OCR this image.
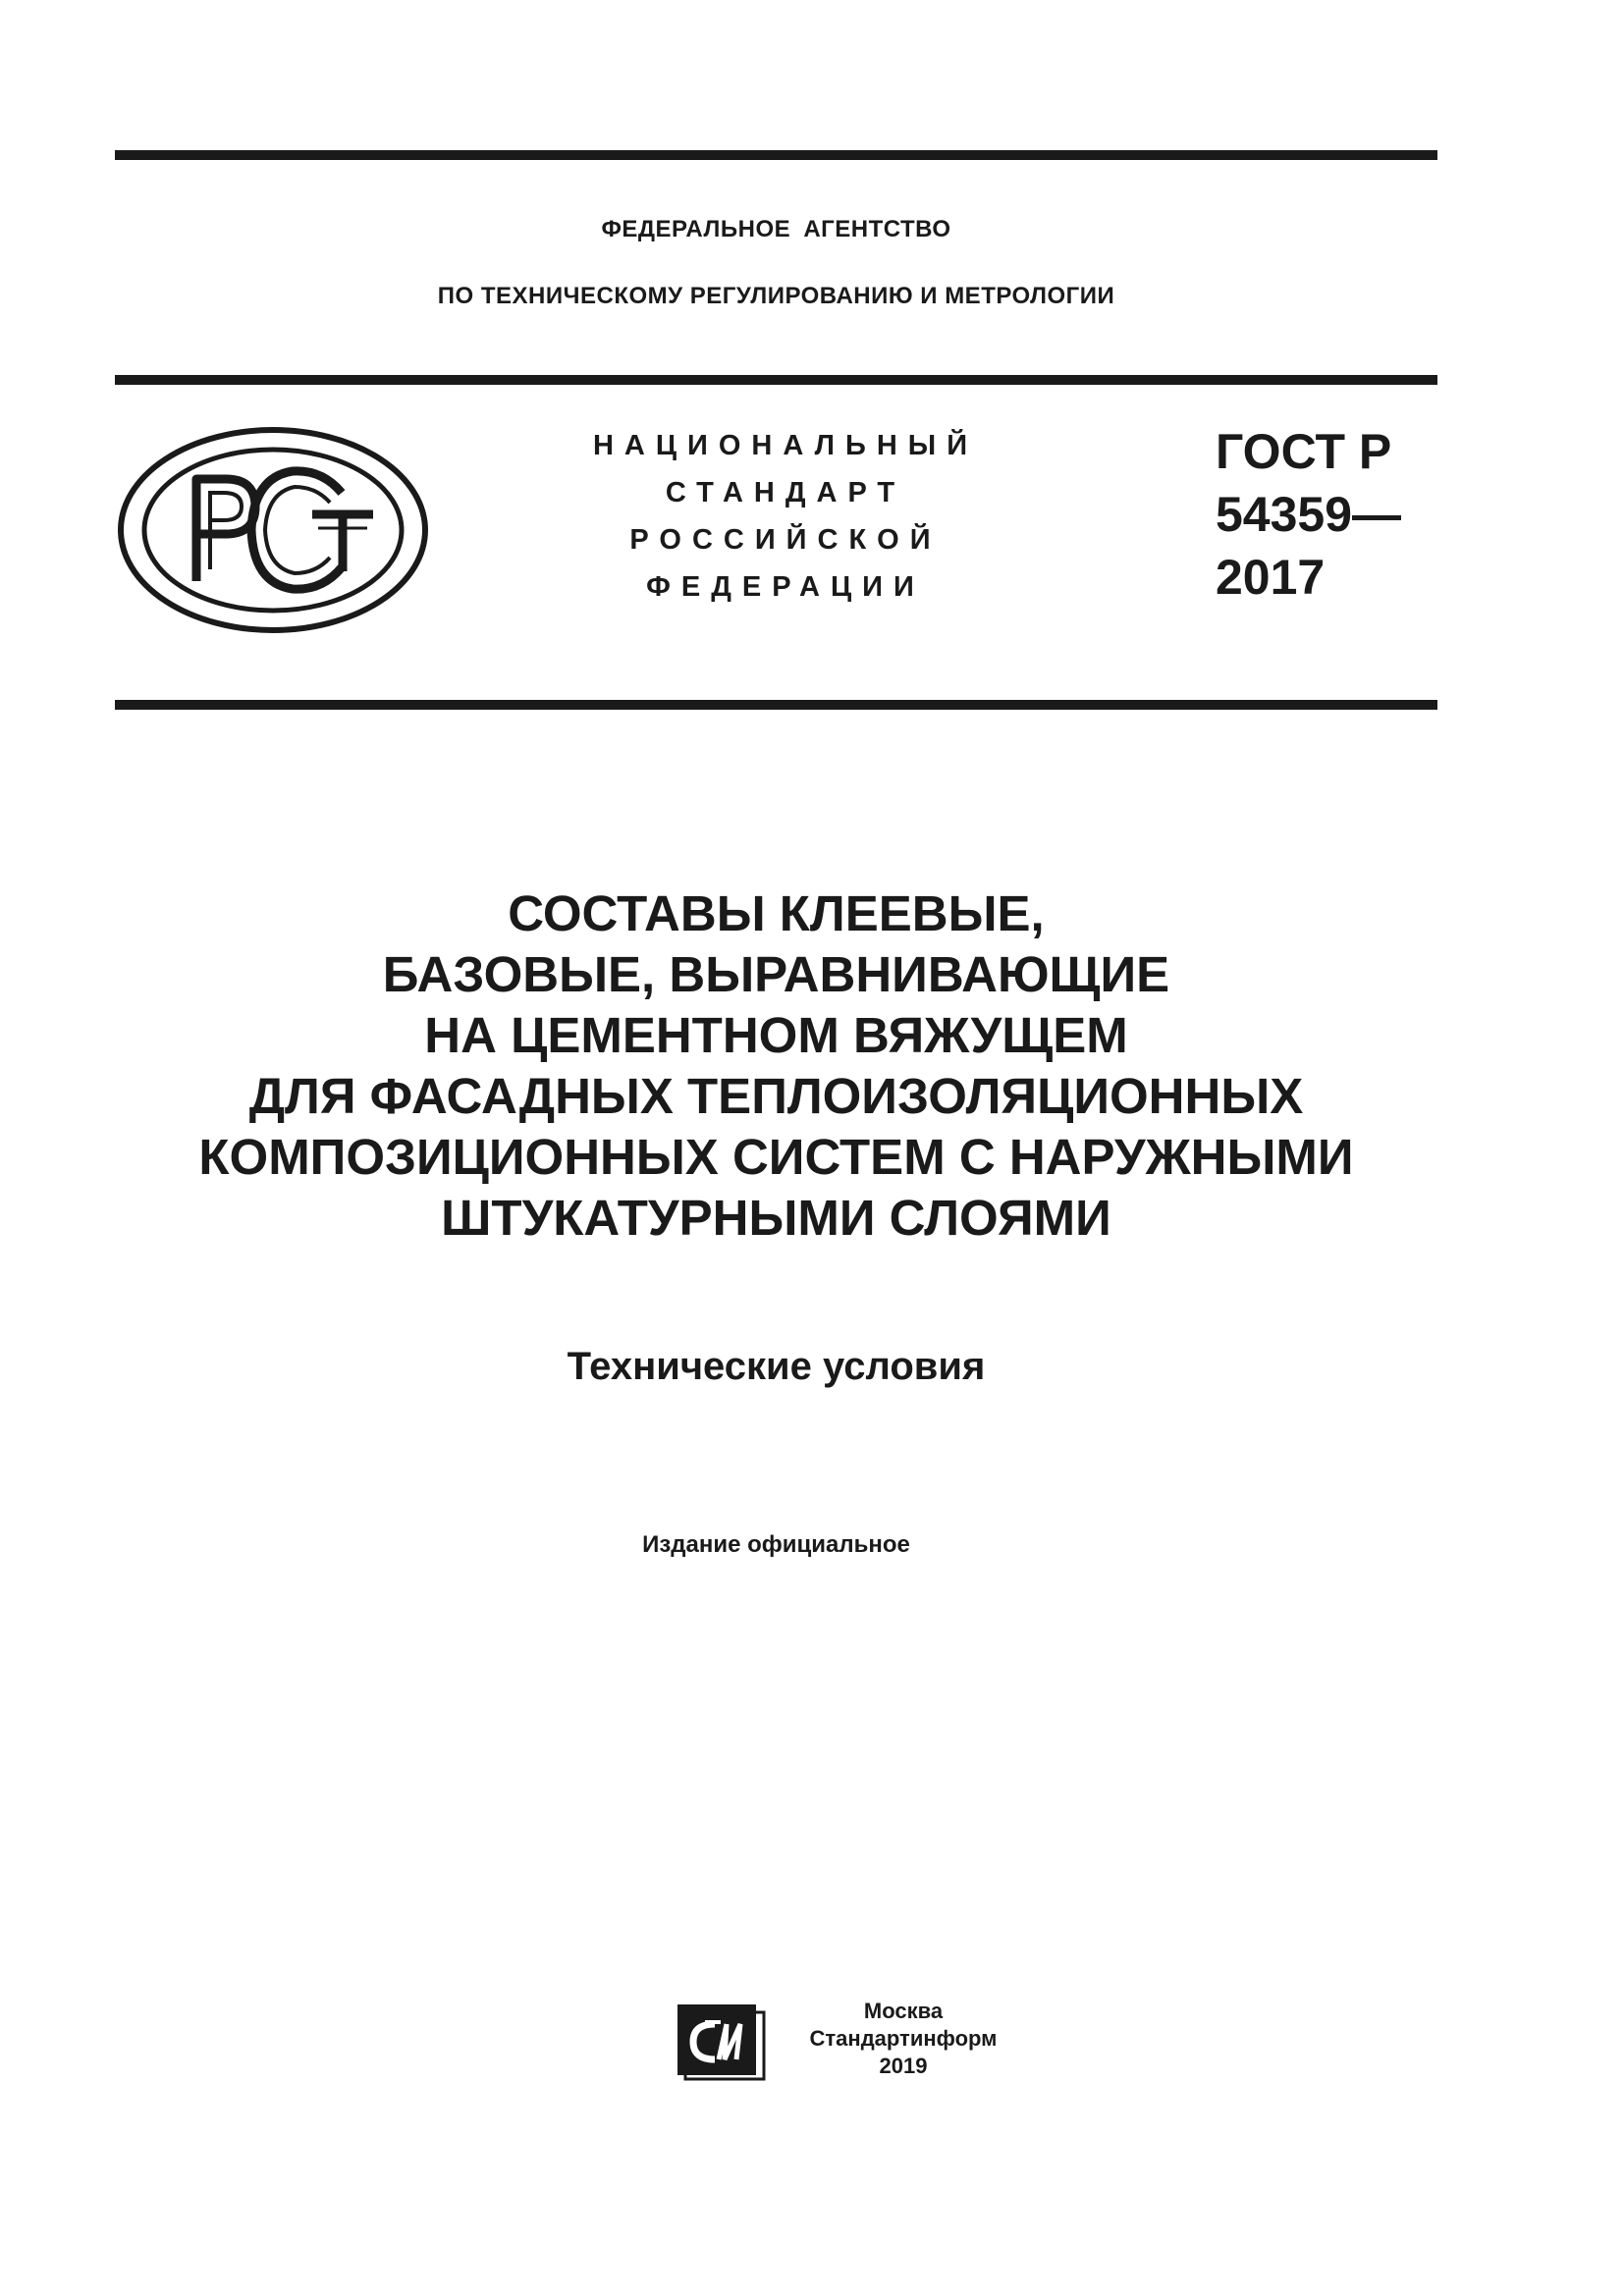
ФЕДЕРАЛЬНОЕ АГЕНТСТВО
ПО ТЕХНИЧЕСКОМУ РЕГУЛИРОВАНИЮ И МЕТРОЛОГИИ
НАЦИОНАЛЬНЫЙ
СТАНДАРТ
РОССИЙСКОЙ
ФЕДЕРАЦИИ
ГОСТ Р
54359—
2017
СОСТАВЫ КЛЕЕВЫЕ,
БАЗОВЫЕ, ВЫРАВНИВАЮЩИЕ
НА ЦЕМЕНТНОМ ВЯЖУЩЕМ
ДЛЯ ФАСАДНЫХ ТЕПЛОИЗОЛЯЦИОННЫХ
КОМПОЗИЦИОННЫХ СИСТЕМ С НАРУЖНЫМИ
ШТУКАТУРНЫМИ СЛОЯМИ
Технические условия
Издание официальное
Москва
Стандартинформ
2019
